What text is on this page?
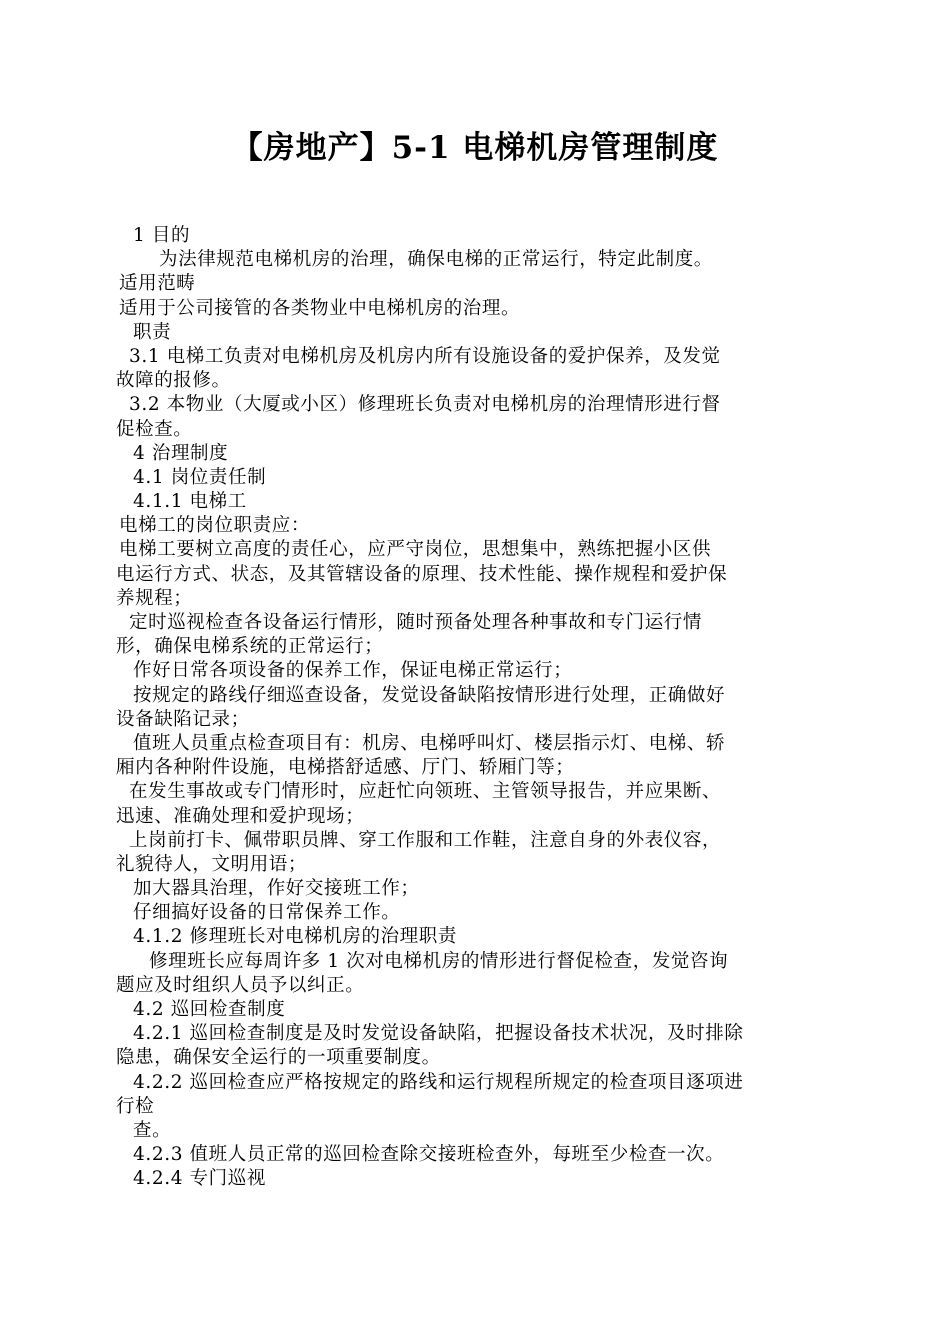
【房地产】5-1 电梯机房管理制度
1 目的
为法律规范电梯机房的治理，确保电梯的正常运行，特定此制度。
适用范畴
适用于公司接管的各类物业中电梯机房的治理。
职责
3.1 电梯工负责对电梯机房及机房内所有设施设备的爱护保养，及发觉
故障的报修。
3.2 本物业（大厦或小区）修理班长负责对电梯机房的治理情形进行督
促检查。
4 治理制度
4.1 岗位责任制
4.1.1 电梯工
电梯工的岗位职责应：
电梯工要树立高度的责任心，应严守岗位，思想集中，熟练把握小区供
电运行方式、状态，及其管辖设备的原理、技术性能、操作规程和爱护保
养规程；
定时巡视检查各设备运行情形，随时预备处理各种事故和专门运行情
形，确保电梯系统的正常运行；
作好日常各项设备的保养工作，保证电梯正常运行；
按规定的路线仔细巡查设备，发觉设备缺陷按情形进行处理，正确做好
设备缺陷记录；
值班人员重点检查项目有：机房、电梯呼叫灯、楼层指示灯、电梯、轿
厢内各种附件设施，电梯搭舒适感、厅门、轿厢门等；
在发生事故或专门情形时，应赶忙向领班、主管领导报告，并应果断、
迅速、准确处理和爱护现场；
上岗前打卡、佩带职员牌、穿工作服和工作鞋，注意自身的外表仪容，
礼貌待人，文明用语；
加大器具治理，作好交接班工作；
仔细搞好设备的日常保养工作。
4.1.2 修理班长对电梯机房的治理职责
修理班长应每周许多 1 次对电梯机房的情形进行督促检查，发觉咨询
题应及时组织人员予以纠正。
4.2 巡回检查制度
4.2.1 巡回检查制度是及时发觉设备缺陷，把握设备技术状况，及时排除
隐患，确保安全运行的一项重要制度。
4.2.2 巡回检查应严格按规定的路线和运行规程所规定的检查项目逐项进
行检
查。
4.2.3 值班人员正常的巡回检查除交接班检查外，每班至少检查一次。
4.2.4 专门巡视
